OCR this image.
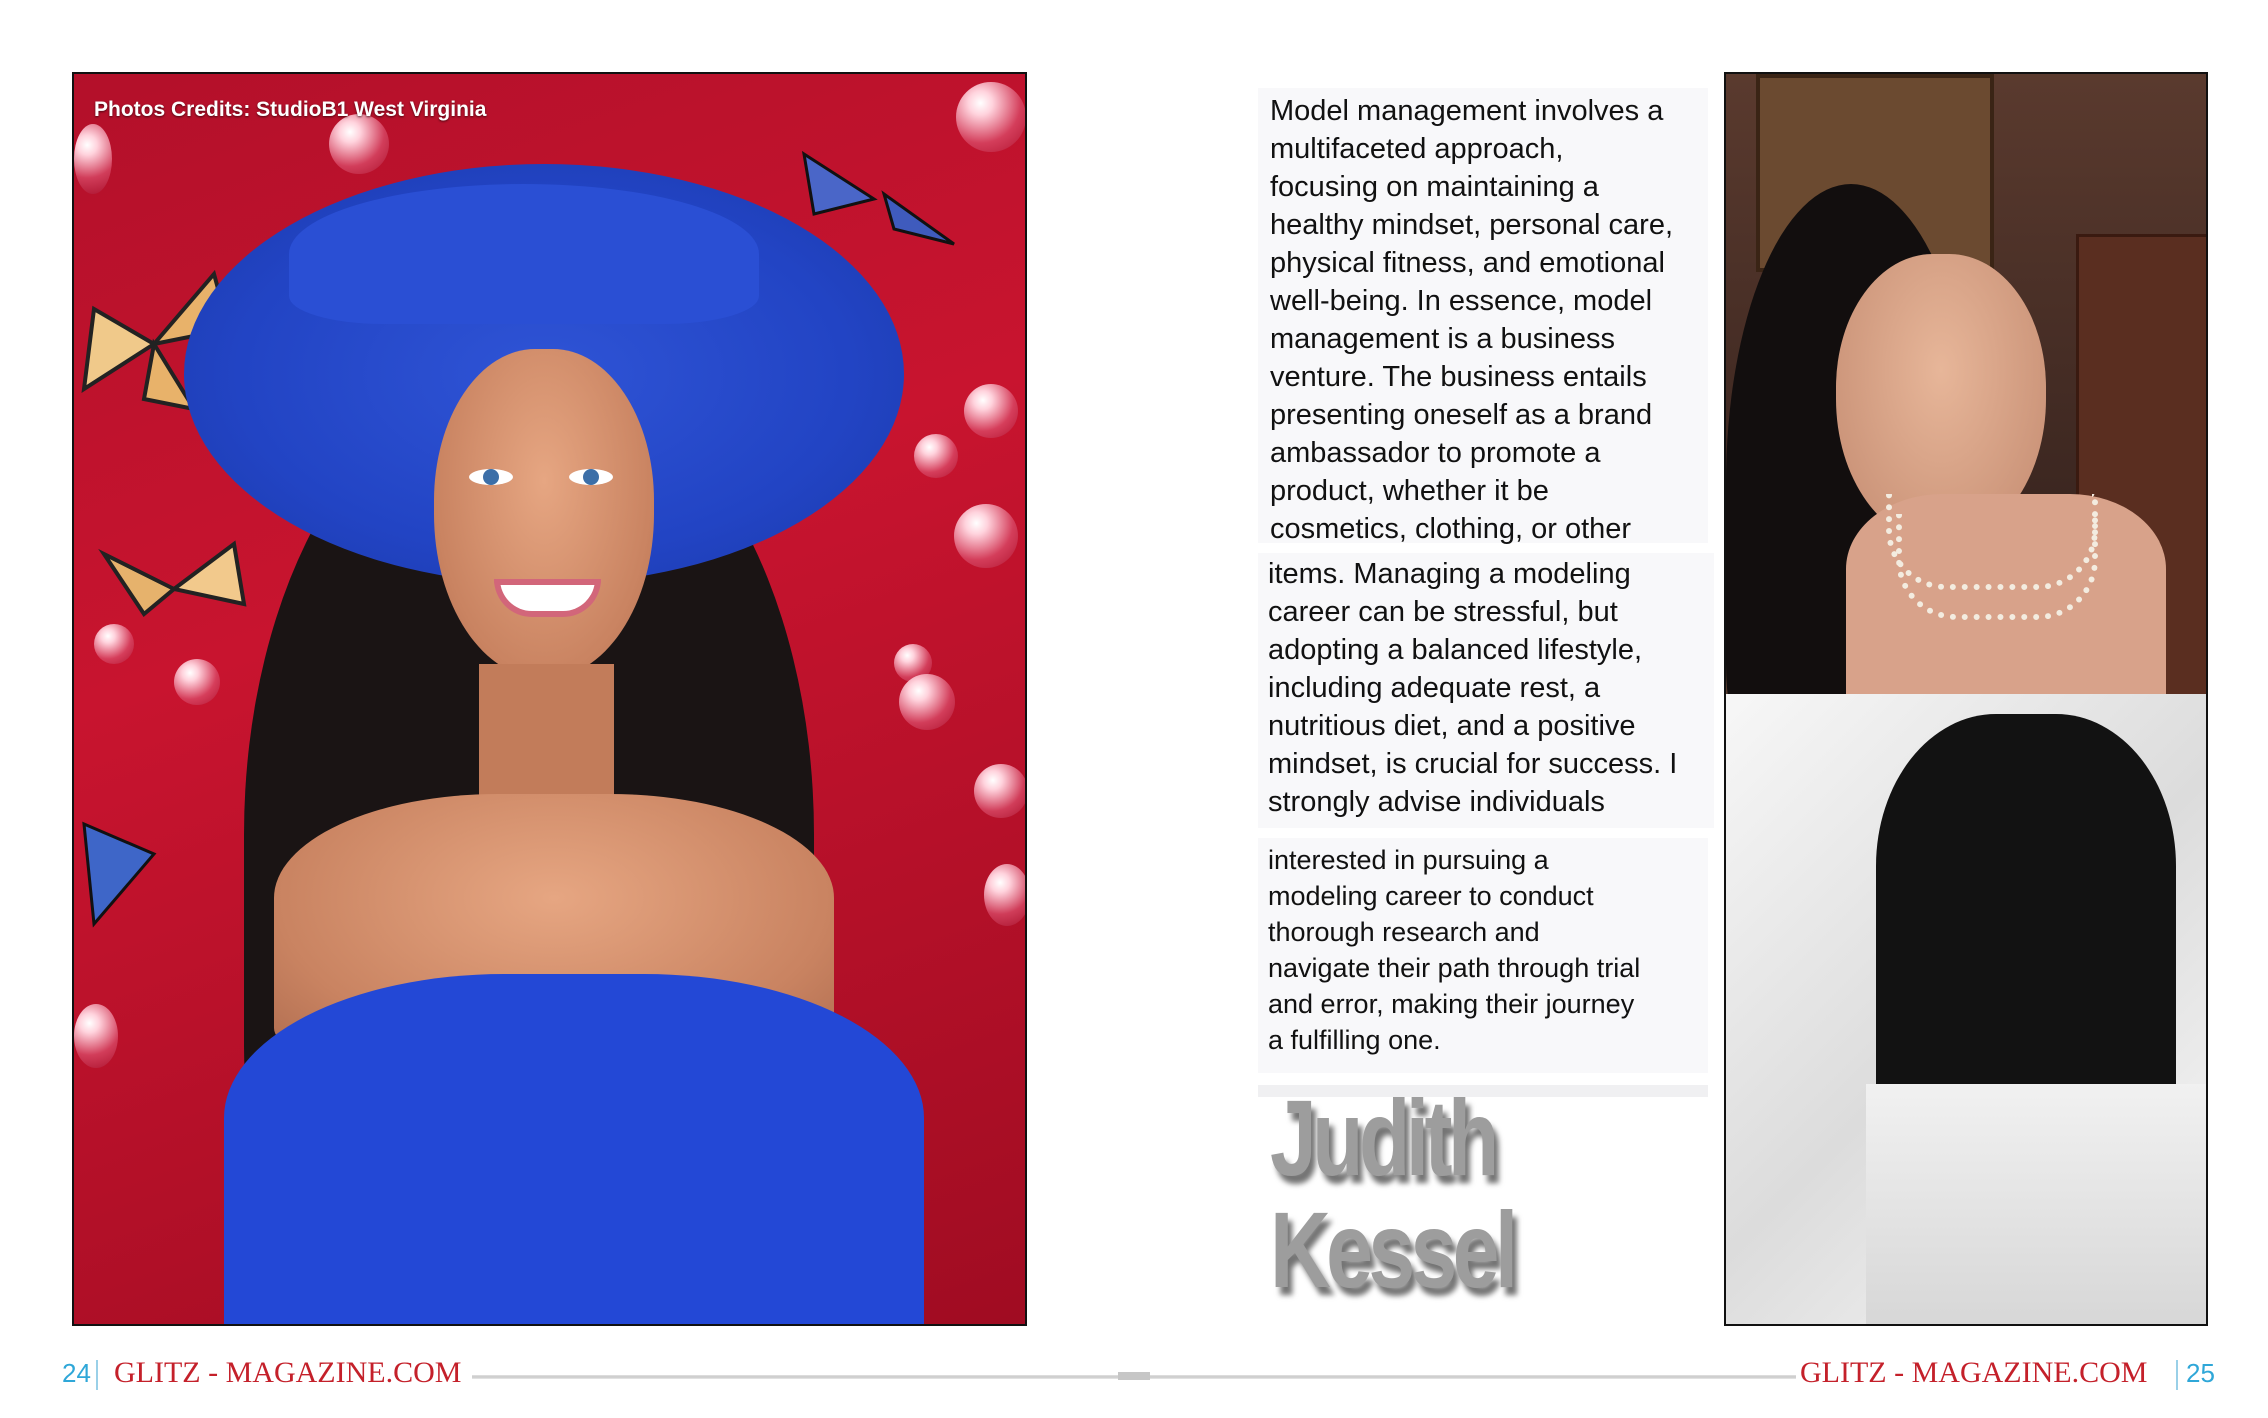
Photos Credits: StudioB1 West Virginia	Model management involves a
multifaceted approach,
focusing on maintaining a
healthy mindset, personal care,
physical fitness, and emotional
well-being. In essence, model
management is a business
venture. The business entails
presenting oneself as a brand
ambassador to promote a
product, whether it be
cosmetics, clothing, or other

items. Managing a modeling
career can be stressful, but
adopting a balanced lifestyle,
including adequate rest, a
nutritious diet, and a positive
mindset, is crucial for success. I
strongly advise individuals

interested in pursuing a
modeling career to conduct
thorough research and
navigate their path through trial
and error, making their journey
a fulfilling one.

Judith
Kessel
24 GLITZ - MAGAZINE.COM	GLITZ - MAGAZINE.COM 25
